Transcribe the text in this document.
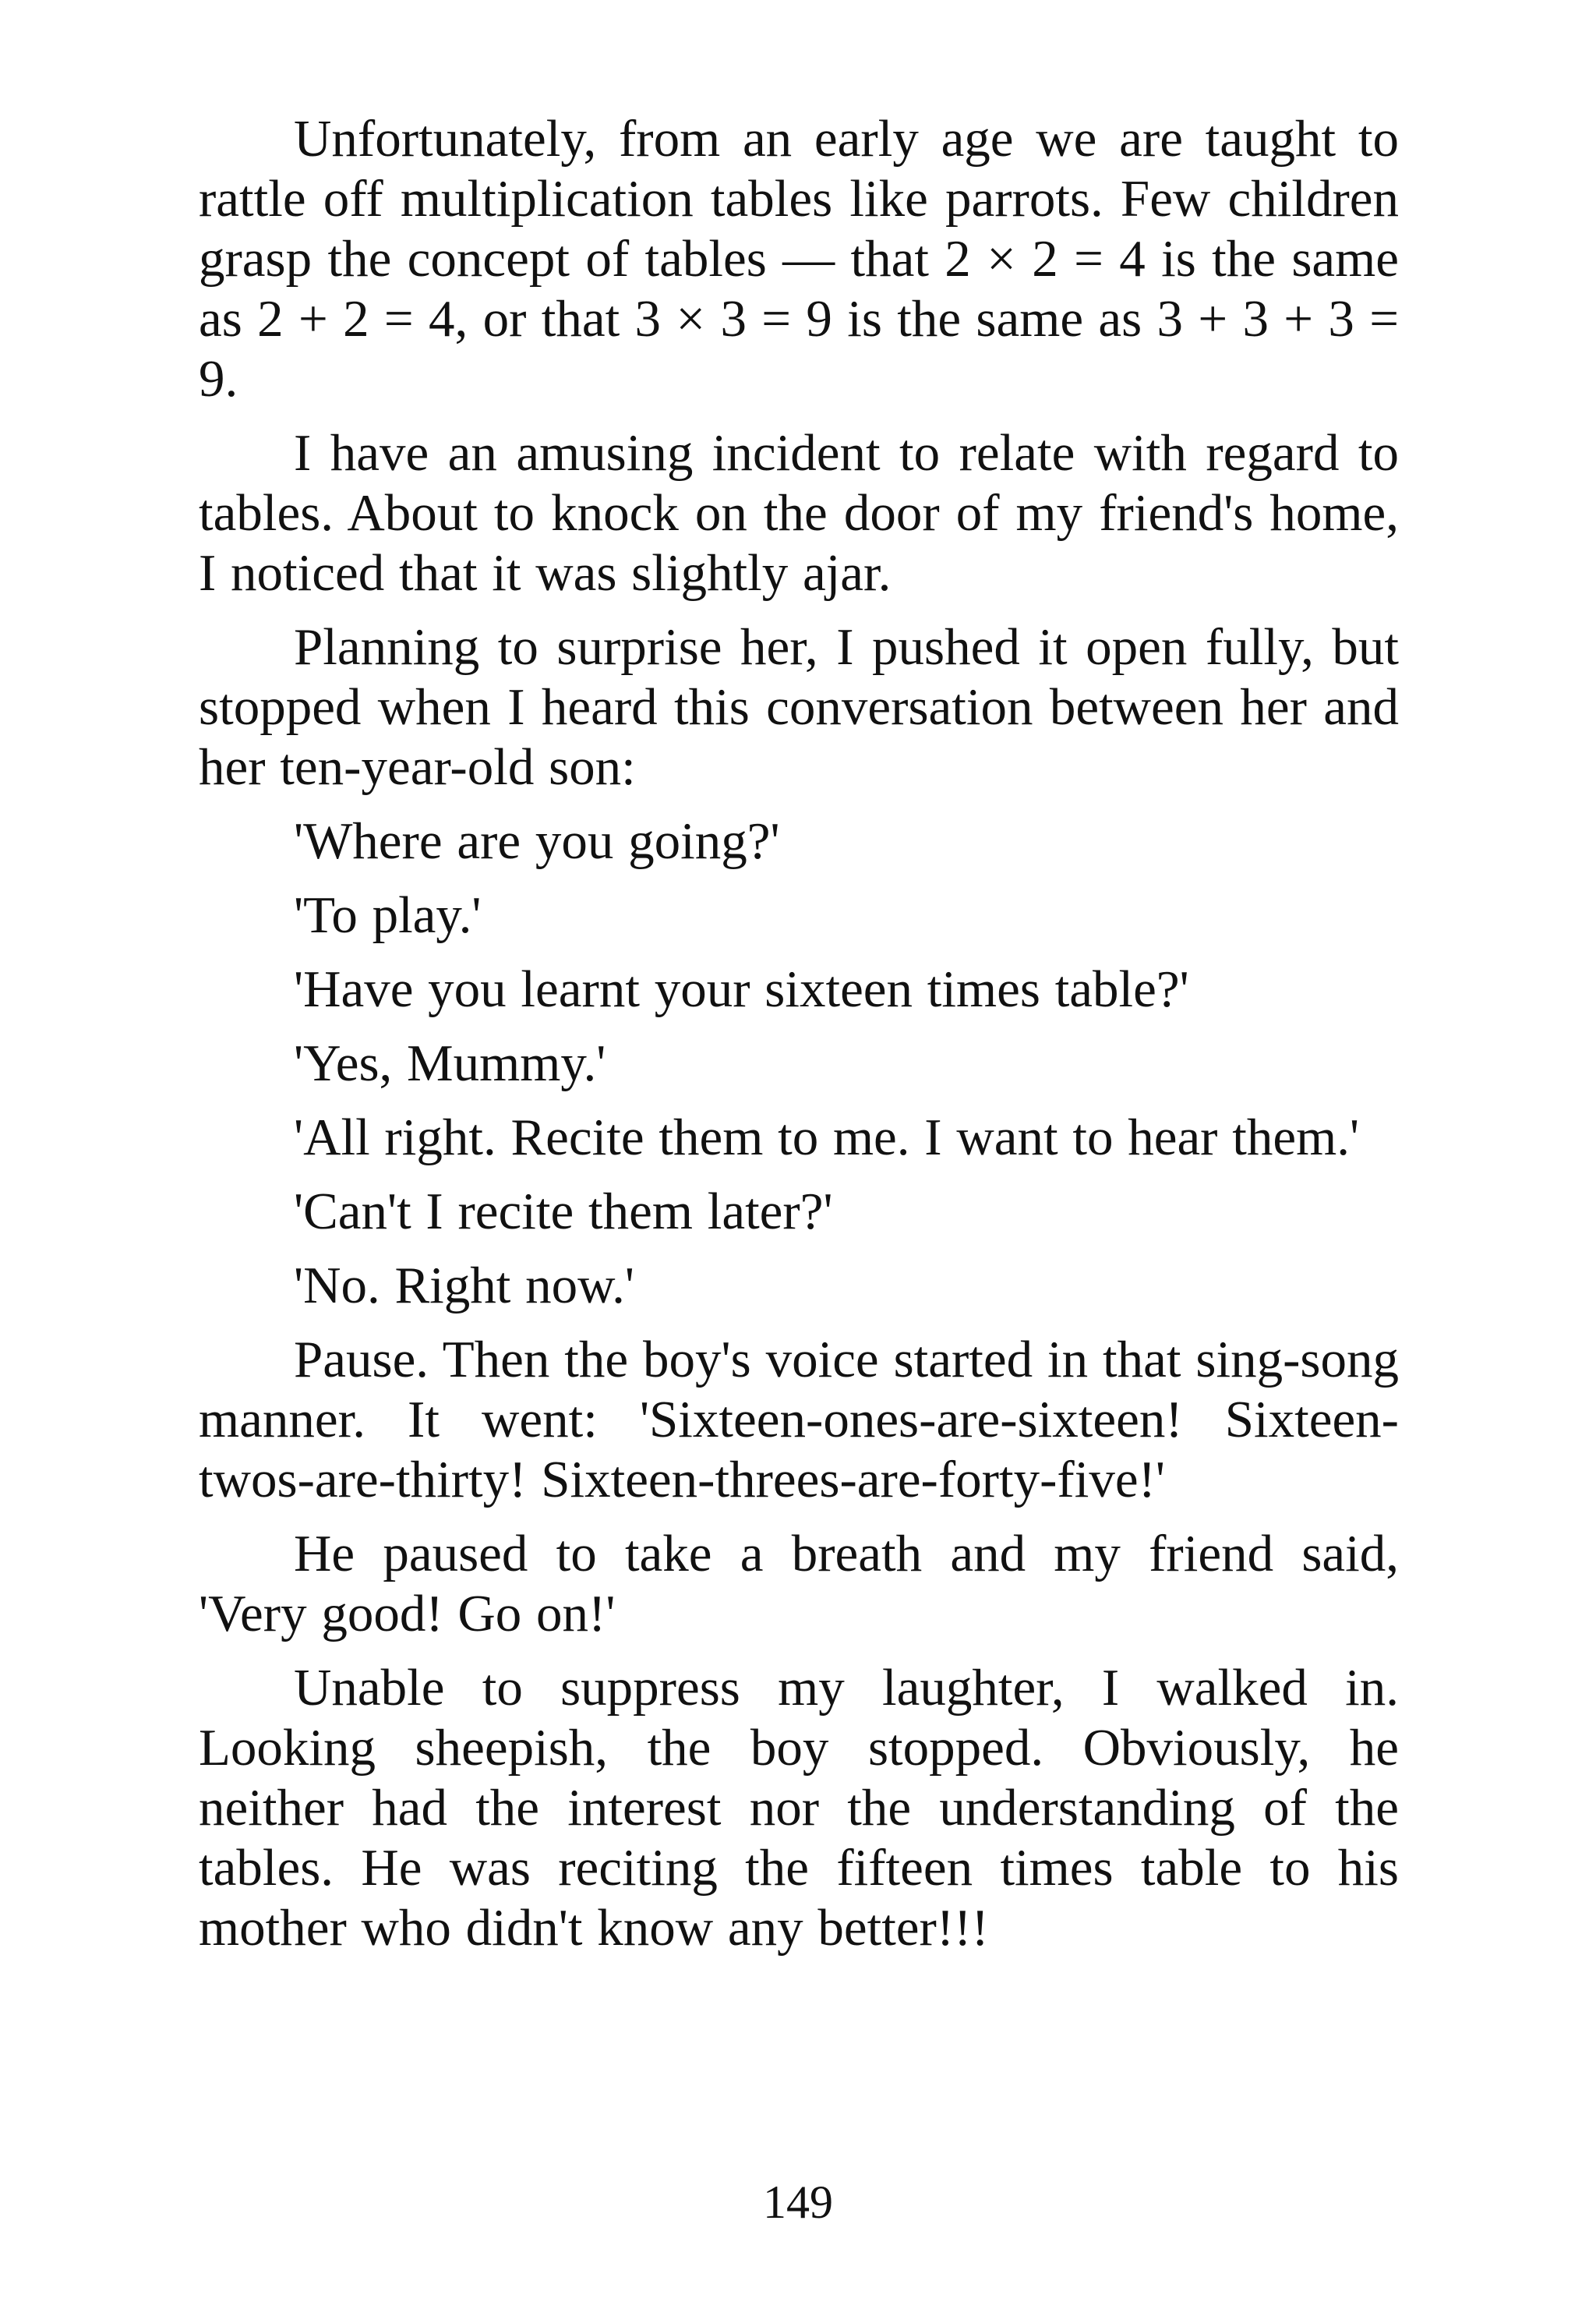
Unfortunately, from an early age we are taught to rattle off multiplication tables like parrots. Few children grasp the concept of tables — that 2 × 2 = 4 is the same as 2 + 2 = 4, or that 3 × 3 = 9 is the same as 3 + 3 + 3 = 9.

I have an amusing incident to relate with regard to tables. About to knock on the door of my friend's home, I noticed that it was slightly ajar.

Planning to surprise her, I pushed it open fully, but stopped when I heard this conversation between her and her ten-year-old son:

'Where are you going?'

'To play.'

'Have you learnt your sixteen times table?'

'Yes, Mummy.'

'All right. Recite them to me. I want to hear them.'

'Can't I recite them later?'

'No. Right now.'

Pause. Then the boy's voice started in that sing-song manner. It went: 'Sixteen-ones-are-sixteen! Sixteen-twos-are-thirty! Sixteen-threes-are-forty-five!'

He paused to take a breath and my friend said, 'Very good! Go on!'

Unable to suppress my laughter, I walked in. Looking sheepish, the boy stopped. Obviously, he neither had the interest nor the understanding of the tables. He was reciting the fifteen times table to his mother who didn't know any better!!!

149
